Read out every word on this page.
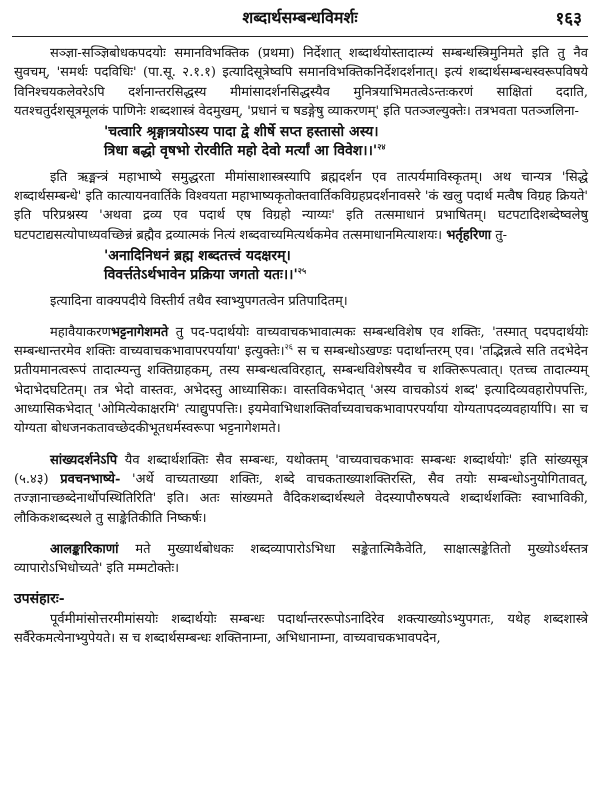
शब्दार्थसम्बन्धविमर्शः	१६३

सञ्ज्ञा-सञ्ज्ञिबोधकपदयोः समानविभक्तिक (प्रथमा) निर्देशात् शब्दार्थयोस्तादात्म्यं सम्बन्धस्त्रिमुनिमते इति तु नैव सुवचम्, 'समर्थः पदविधिः' (पा.सू. २.१.१) इत्यादिसूत्रेष्वपि समानविभक्तिकनिर्देशदर्शनात्। इत्यं शब्दार्थसम्बन्धस्वरूपविषये विनिश्चयकलेवरेऽपि दर्शनान्तरसिद्धस्य मीमांसादर्शनसिद्धस्यैव मुनित्रयाभिमतत्वेऽन्तःकरणं साक्षितां ददाति, यतश्चतुर्दशसूत्रमूलकं पाणिनेः शब्दशास्त्रं वेदमुखम्, 'प्रधानं च षडङ्गेषु व्याकरणम्' इति पतञ्जल्युक्तेः। तत्रभवता पतञ्जलिना-

'चत्वारि श्रृङ्गात्रयोऽस्य पादा द्वे शीर्षे सप्त हस्तासो अस्य।

त्रिधा बद्धो वृषभो रोरवीति महो देवो मर्त्यां आ $विवेश।।'^{२४}$

इति ऋङ्मन्त्रं महाभाष्ये समुद्धरता मीमांसाशास्त्रस्यापि ब्रह्मदर्शन एव तात्पर्यमाविस्कृतम्। अथ चान्यत्र 'सिद्धे शब्दार्थसम्बन्धे' इति कात्यायनवार्तिके विश्वयता महाभाष्यकृतोक्तवार्तिकविग्रहप्रदर्शनावसरे 'कं खलु पदार्थ मत्वैष विग्रह क्रियते' इति परिप्रश्नस्य 'अथवा द्रव्य एव पदार्थ एष विग्रहो न्याय्यः' इति तत्समाधानं प्रभाषितम्। घटपटादिशब्देष्वलेषु घटपटाद्यसत्योपाध्यवच्छिन्नं ब्रह्मैव द्रव्यात्मकं नित्यं शब्दवाच्यमित्यर्थकमेव तत्समाधानमित्याशयः। भर्तृहरिणा तु-

'अनादिनिधनं ब्रह्म शब्दतत्त्वं यदक्षरम्।

विवर्त्ततेऽर्थभावेन प्रक्रिया जगतो $यतः।।'^{२५}$

इत्यादिना वाक्यपदीये विस्तीर्य तथैव स्वाभ्युपगतत्वेन प्रतिपादितम्।

महावैयाकरणभट्टनागेशमते तु पद-पदार्थयोः वाच्यवाचकभावात्मकः सम्बन्धविशेष एव शक्तिः, 'तस्मात् पदपदार्थयोः सम्बन्धान्तरमेव शक्तिः वाच्यवाचकभावापरपर्याया' इत्युक्तेः।$^{२६}$ स च सम्बन्धोऽखण्डः पदार्थान्तरम् एव। 'तद्भिन्नत्वे सति तदभेदेन प्रतीयमानत्वरूपं तादात्म्यन्तु शक्तिग्राहकम्, तस्य सम्बन्धत्वविरहात्, सम्बन्धविशेषस्यैव च शक्तिरूपत्वात्। एतच्च तादात्म्यम् भेदाभेदघटितम्। तत्र भेदो वास्तवः, अभेदस्तु आध्यासिकः। वास्तविकभेदात् 'अस्य वाचकोऽयं शब्द' इत्यादिव्यवहारोपपत्तिः, आध्यासिकभेदात् 'ओमित्येकाक्षरमि' त्याद्युपपत्तिः। इयमेवाभिधाशक्तिर्वाच्यवाचकभावापरपर्याया योग्यतापदव्यवहार्यापि। सा च योग्यता बोधजनकतावच्छेदकीभूतधर्मस्वरूपा भट्टनागेशमते।

सांख्यदर्शनेऽपि यैव शब्दार्थशक्तिः सैव सम्बन्धः, यथोक्तम् 'वाच्यवाचकभावः सम्बन्धः शब्दार्थयोः' इति सांख्यसूत्र (५.४३) प्रवचनभाष्ये- 'अर्थे वाच्यताख्या शक्तिः, शब्दे वाचकताख्याशक्तिरस्ति, सैव तयोः सम्बन्धोऽनुयोगितावत्, तज्ज्ञानाच्छब्देनार्थोपस्थितिरिति' इति। अतः सांख्यमते वैदिकशब्दार्थस्थले वेदस्यापौरुषयत्वे शब्दार्थशक्तिः स्वाभाविकी, लौकिकशब्दस्थले तु साङ्केतिकीति निष्कर्षः।

आलङ्कारिकाणां मते मुख्यार्थबोधकः शब्दव्यापारोऽभिधा सङ्केतात्मिकैवेति, साक्षात्सङ्केतितो मुख्योऽर्थस्तत्र व्यापारोऽभिधोच्यते' इति मम्मटोक्तेः।

उपसंहारः-

पूर्वमीमांसोत्तरमीमांसयोः शब्दार्थयोः सम्बन्धः पदार्थान्तररूपोऽनादिरेव शक्त्याख्योऽभ्युपगतः, यथेह शब्दशास्त्रे सर्वैरेकमत्येनाभ्युपेयते। स च शब्दार्थसम्बन्धः शक्तिनाम्ना, अभिधानाम्ना, वाच्यवाचकभावपदेन,
